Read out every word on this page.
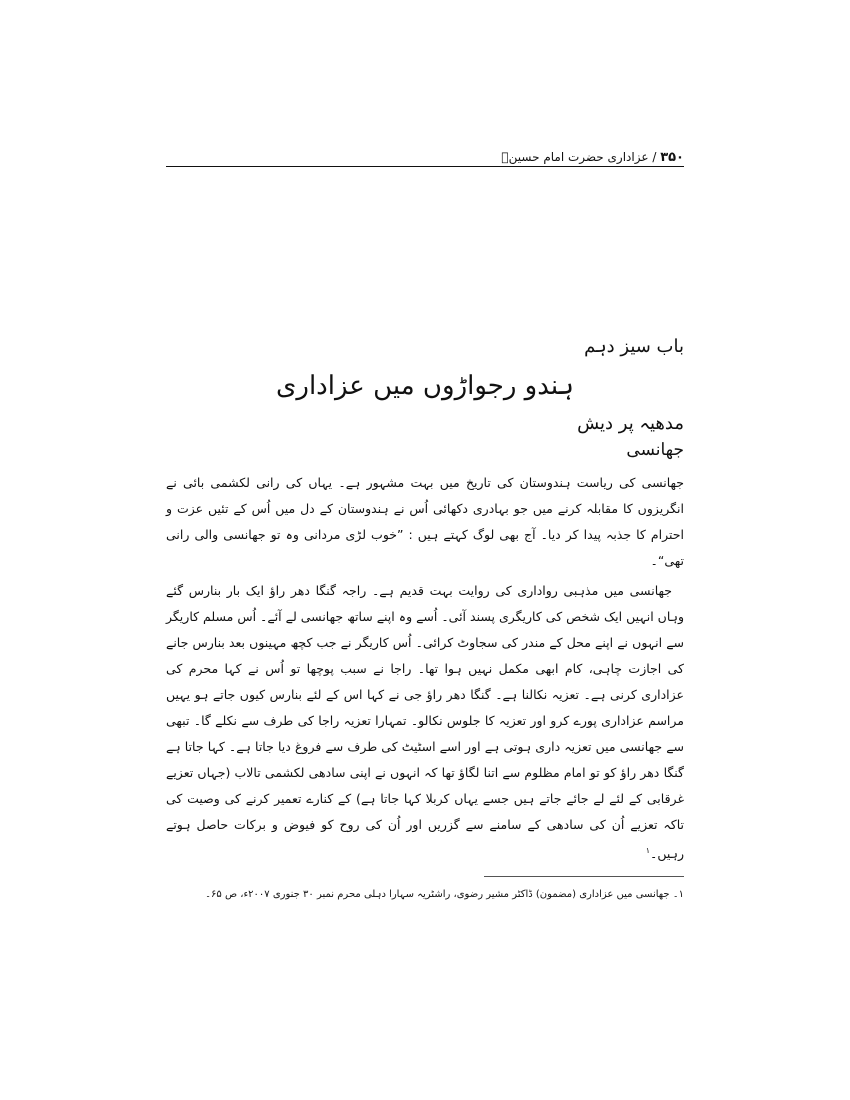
۳۵۰ / عزاداری حضرت امام حسینؑ
باب سیز دہم
ہندو رجواڑوں میں عزاداری
مدھیہ پر دیش
جھانسی

جھانسی کی ریاست ہندوستان کی تاریخ میں بہت مشہور ہے۔ یہاں کی رانی لکشمی بائی نے انگریزوں کا مقابلہ کرنے میں جو بہادری دکھائی اُس نے ہندوستان کے دل میں اُس کے تئیں عزت و احترام کا جذبہ پیدا کر دیا۔ آج بھی لوگ کہتے ہیں : ”خوب لڑی مردانی وہ تو جھانسی والی رانی تھی“۔

جھانسی میں مذہبی رواداری کی روایت بہت قدیم ہے۔ راجہ گنگا دھر راؤ ایک بار بنارس گئے وہاں انہیں ایک شخص کی کاریگری پسند آئی۔ اُسے وہ اپنے ساتھ جھانسی لے آئے۔ اُس مسلم کاریگر سے انہوں نے اپنے محل کے مندر کی سجاوٹ کرائی۔ اُس کاریگر نے جب کچھ مہینوں بعد بنارس جانے کی اجازت چاہی، کام ابھی مکمل نہیں ہوا تھا۔ راجا نے سبب پوچھا تو اُس نے کہا محرم کی عزاداری کرنی ہے۔ تعزیہ نکالنا ہے۔ گنگا دھر راؤ جی نے کہا اس کے لئے بنارس کیوں جاتے ہو یہیں مراسم عزاداری پورے کرو اور تعزیہ کا جلوس نکالو۔ تمہارا تعزیہ راجا کی طرف سے نکلے گا۔ تبھی سے جھانسی میں تعزیہ داری ہوتی ہے اور اسے اسٹیٹ کی طرف سے فروغ دیا جاتا ہے۔ کہا جاتا ہے گنگا دھر راؤ کو تو امام مظلوم سے اتنا لگاؤ تھا کہ انہوں نے اپنی سادھی لکشمی تالاب (جہاں تعزیے غرقابی کے لئے لے جائے جاتے ہیں جسے یہاں کربلا کہا جاتا ہے) کے کنارے تعمیر کرنے کی وصیت کی تاکہ تعزیے اُن کی سادھی کے سامنے سے گزریں اور اُن کی روح کو فیوض و برکات حاصل ہوتے رہیں۔$^۱$

۱۔ جھانسی میں عزاداری (مضمون) ڈاکٹر مشیر رضوی، راشٹریہ سہارا دہلی محرم نمبر ۳۰ جنوری ۲۰۰۷ء، ص ۶۵۔
